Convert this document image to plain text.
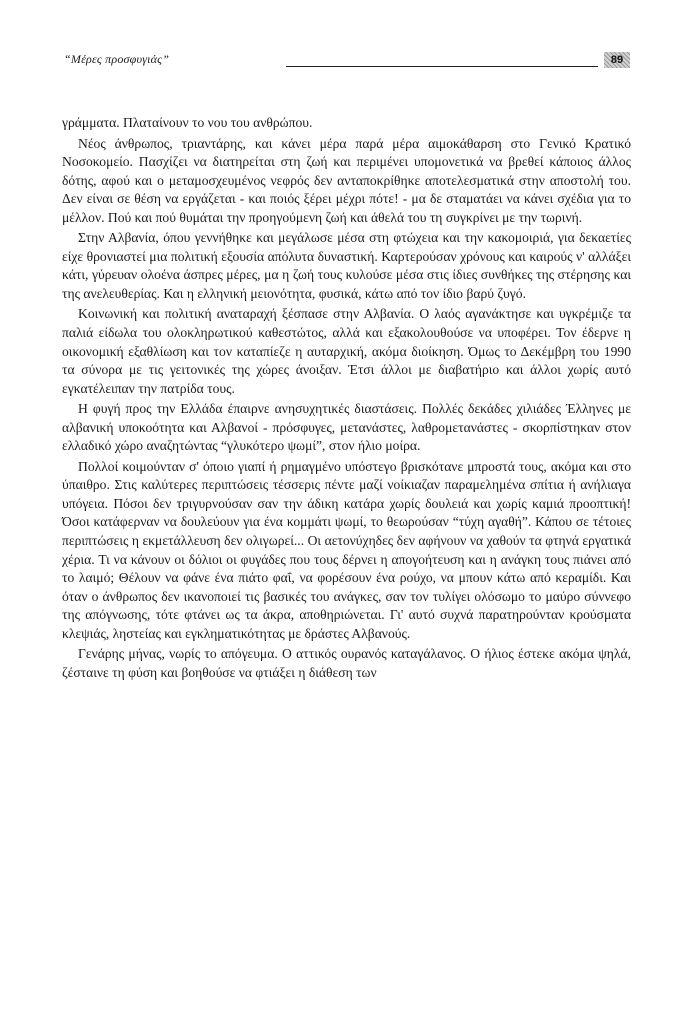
“Μέρες προσφυγιάς”	89

γράμματα. Πλαταίνουν το νου του ανθρώπου.

Νέος άνθρωπος, τριαντάρης, και κάνει μέρα παρά μέρα αιμοκάθαρση στο Γενικό Κρατικό Νοσοκομείο. Πασχίζει να διατηρείται στη ζωή και περιμένει υπομονετικά να βρεθεί κάποιος άλλος δότης, αφού και ο μεταμοσχευμένος νεφρός δεν ανταποκρίθηκε αποτελεσματικά στην αποστολή του. Δεν είναι σε θέση να εργάζεται - και ποιός ξέρει μέχρι πότε! - μα δε σταματάει να κάνει σχέδια για το μέλλον. Πού και πού θυμάται την προηγούμενη ζωή και άθελά του τη συγκρίνει με την τωρινή.

Στην Αλβανία, όπου γεννήθηκε και μεγάλωσε μέσα στη φτώχεια και την κακομοιριά, για δεκαετίες είχε θρονιαστεί μια πολιτική εξουσία απόλυτα δυναστική. Καρτερούσαν χρόνους και καιρούς ν' αλλάξει κάτι, γύρευαν ολοένα άσπρες μέρες, μα η ζωή τους κυλούσε μέσα στις ίδιες συνθήκες της στέρησης και της ανελευθερίας. Και η ελληνική μειονότητα, φυσικά, κάτω από τον ίδιο βαρύ ζυγό.

Κοινωνική και πολιτική αναταραχή ξέσπασε στην Αλβανία. Ο λαός αγανάκτησε και υγκρέμιζε τα παλιά είδωλα του ολοκληρωτικού καθεστώτος, αλλά και εξακολουθούσε να υποφέρει. Τον έδερνε η οικονομική εξαθλίωση και τον καταπίεζε η αυταρχική, ακόμα διοίκηση. Όμως το Δεκέμβρη του 1990 τα σύνορα με τις γειτονικές της χώρες άνοιξαν. Έτσι άλλοι με διαβατήριο και άλλοι χωρίς αυτό εγκατέλειπαν την πατρίδα τους.

Η φυγή προς την Ελλάδα έπαιρνε ανησυχητικές διαστάσεις. Πολλές δεκάδες χιλιάδες Έλληνες με αλβανική υποκοότητα και Αλβανοί - πρόσφυγες, μετανάστες, λαθρομετανάστες - σκορπίστηκαν στον ελλαδικό χώρο αναζητώντας “γλυκότερο ψωμί”, στον ήλιο μοίρα.

Πολλοί κοιμούνταν σ' όποιο γιαπί ή ρημαγμένο υπόστεγο βρισκότανε μπροστά τους, ακόμα και στο ύπαιθρο. Στις καλύτερες περιπτώσεις τέσσερις πέντε μαζί νοίκιαζαν παραμελημένα σπίτια ή ανήλιαγα υπόγεια. Πόσοι δεν τριγυρνούσαν σαν την άδικη κατάρα χωρίς δουλειά και χωρίς καμιά προοπτική! Όσοι κατάφερναν να δουλεύουν για ένα κομμάτι ψωμί, το θεωρούσαν “τύχη αγαθή”. Κάπου σε τέτοιες περιπτώσεις η εκμετάλλευση δεν ολιγωρεί... Οι αετονύχηδες δεν αφήνουν να χαθούν τα φτηνά εργατικά χέρια. Τι να κάνουν οι δόλιοι οι φυγάδες που τους δέρνει η απογοήτευση και η ανάγκη τους πιάνει από το λαιμό; Θέλουν να φάνε ένα πιάτο φαΐ, να φορέσουν ένα ρούχο, να μπουν κάτω από κεραμίδι. Και όταν ο άνθρωπος δεν ικανοποιεί τις βασικές του ανάγκες, σαν τον τυλίγει ολόσωμο το μαύρο σύννεφο της απόγνωσης, τότε φτάνει ως τα άκρα, αποθηριώνεται. Γι' αυτό συχνά παρατηρούνταν κρούσματα κλεψιάς, ληστείας και εγκληματικότητας με δράστες Αλβανούς.

Γενάρης μήνας, νωρίς το απόγευμα. Ο αττικός ουρανός καταγάλανος. Ο ήλιος έστεκε ακόμα ψηλά, ζέσταινε τη φύση και βοηθούσε να φτιάξει η διάθεση των
